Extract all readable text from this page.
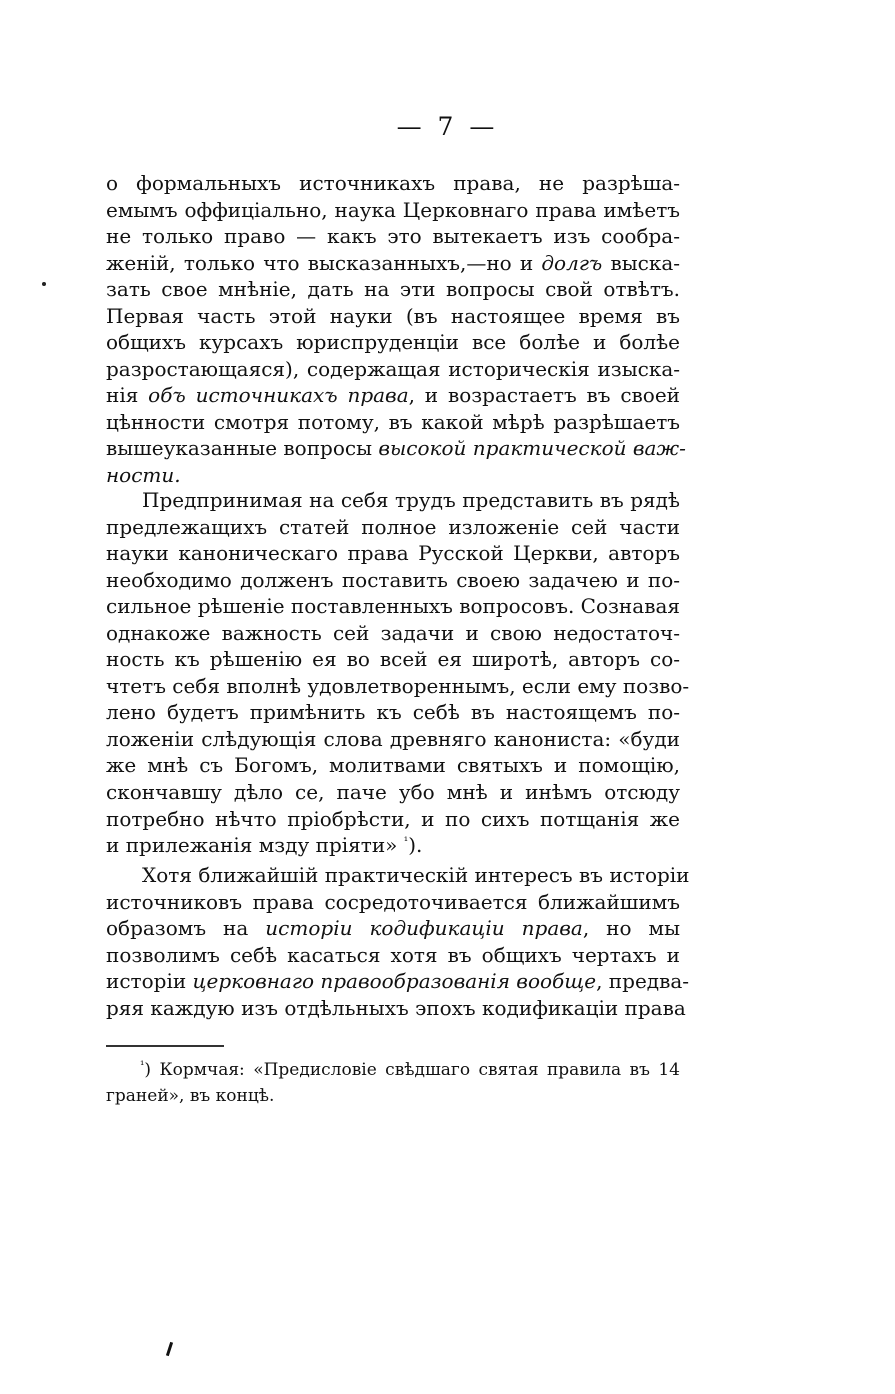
— 7 —
о формальныхъ источникахъ права, не разрѣша-
емымъ оффиціально, наука Церковнаго права имѣетъ
не только право — какъ это вытекаетъ изъ сообра-
женій, только что высказанныхъ,—но и долгъ выска-
зать свое мнѣніе, дать на эти вопросы свой отвѣтъ.
Первая часть этой науки (въ настоящее время въ
общихъ курсахъ юриспруденціи все болѣе и болѣе
разростающаяся), содержащая историческія изыска-
нія объ источникахъ права, и возрастаетъ въ своей
цѣнности смотря потому, въ какой мѣрѣ разрѣшаетъ
вышеуказанные вопросы высокой практической важ-
ности.
Предпринимая на себя трудъ представить въ рядѣ
предлежащихъ статей полное изложеніе сей части
науки каноническаго права Русской Церкви, авторъ
необходимо долженъ поставить своею задачею и по-
сильное рѣшеніе поставленныхъ вопросовъ. Сознавая
однакоже важность сей задачи и свою недостаточ-
ность къ рѣшенію ея во всей ея широтѣ, авторъ со-
чтетъ себя вполнѣ удовлетвореннымъ, если ему позво-
лено будетъ примѣнить къ себѣ въ настоящемъ по-
ложеніи слѣдующія слова древняго канониста: «буди
же мнѣ съ Богомъ, молитвами святыхъ и помощію,
скончавшу дѣло се, паче убо мнѣ и инѣмъ отсюду
потребно нѣчто пріобрѣсти, и по сихъ потщанія же
и прилежанія мзду пріяти» $^{^1}$).
Хотя ближайшій практическій интересъ въ исторіи
источниковъ права сосредоточивается ближайшимъ
образомъ на исторіи кодификаціи права, но мы
позволимъ себѣ касаться хотя въ общихъ чертахъ и
исторіи церковнаго правообразованія вообще, предва-
ряя каждую изъ отдѣльныхъ эпохъ кодификаціи права
$^{^1}$) Кормчая: «Предисловіе свѣдшаго святая правила въ 14
граней», въ концѣ.
